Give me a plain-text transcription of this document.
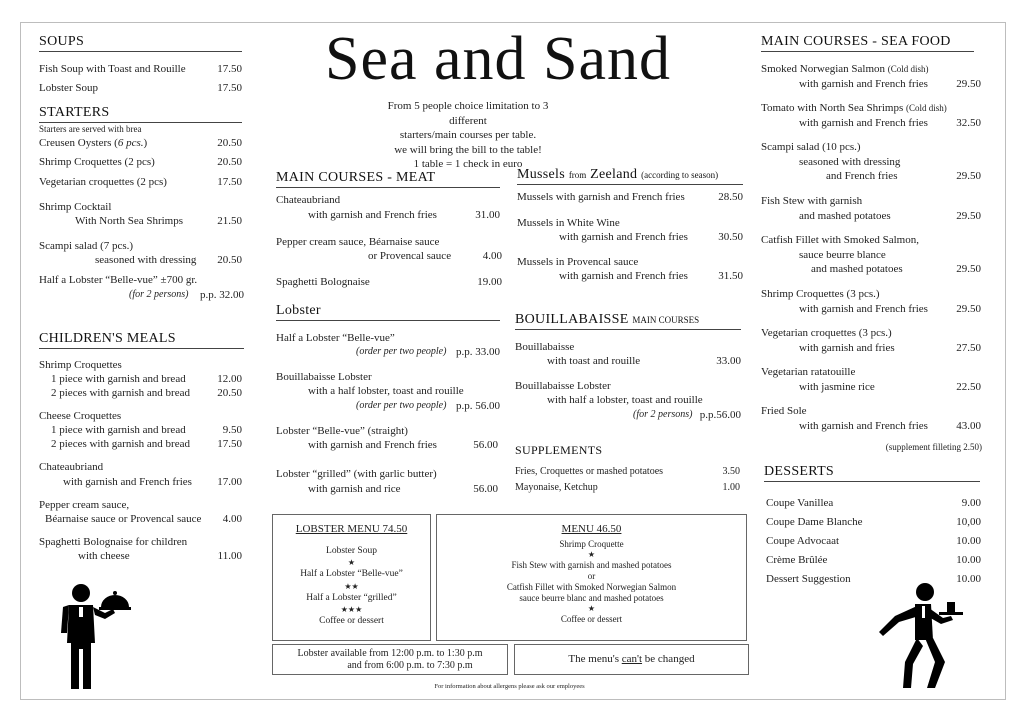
Sea and Sand
From 5 people choice limitation to 3 different
starters/main courses per table.
we will bring the bill to the table!
1 table = 1 check in euro
SOUPS
Fish Soup with Toast and Rouille	17.50
Lobster Soup	17.50
STARTERS
Starters are served with brea
Creusen Oysters (6 pcs.)	20.50
Shrimp Croquettes (2 pcs)	20.50
Vegetarian croquettes (2 pcs)	17.50
Shrimp Cocktail
With North Sea Shrimps	21.50
Scampi salad (7 pcs.)
seasoned with dressing 20.50
Half a Lobster “Belle-vue” ±700 gr.
(for 2 persons) p.p. 32.00
CHILDREN'S MEALS
Shrimp Croquettes
1 piece with garnish and bread	12.00
2 pieces with garnish and bread 20.50
Cheese Croquettes
1 piece with garnish and bread	9.50
2 pieces with garnish and bread 17.50
Chateaubriand
with garnish and French fries 17.00
Pepper cream sauce,
Béarnaise sauce or Provencal sauce 4.00
Spaghetti Bolognaise for children
with cheese	11.00
MAIN COURSES - MEAT
Chateaubriand
with garnish and French fries	31.00
Pepper cream sauce, Béarnaise sauce
or Provencal sauce	4.00
Spaghetti Bolognaise	19.00
Lobster
Half a Lobster “Belle-vue”
(order per two people) p.p. 33.00
Bouillabaisse Lobster
with a half lobster, toast and rouille
(order per two people) p.p. 56.00
Lobster “Belle-vue” (straight)
with garnish and French fries	56.00
Lobster “grilled” (with garlic butter)
with garnish and rice	56.00
Mussels from Zeeland (according to season)
Mussels with garnish and French fries	28.50
Mussels in White Wine
with garnish and French fries	30.50
Mussels in Provencal sauce
with garnish and French fries	31.50
BOUILLABAISSE MAIN COURSES
Bouillabaisse
with toast and rouille	33.00
Bouillabaisse Lobster
with half a lobster, toast and rouille
(for 2 persons) p.p.56.00
SUPPLEMENTS
Fries, Croquettes or mashed potatoes	3.50
Mayonaise, Ketchup	1.00
LOBSTER MENU 74.50
Lobster Soup
★
Half a Lobster “Belle-vue”
★★
Half a Lobster “grilled”
★★★
Coffee or dessert
MENU 46.50
Shrimp Croquette
★
Fish Stew with garnish and mashed potatoes
or
Catfish Fillet with Smoked Norwegian Salmon
sauce beurre blanc and mashed potatoes
★
Coffee or dessert
Lobster available from 12:00 p.m. to 1:30 p.m
and from 6:00 p.m. to 7:30 p.m
The menu's can't be changed
For information about allergens please ask our employees
MAIN COURSES - SEA FOOD
Smoked Norwegian Salmon (Cold dish)
with garnish and French fries	29.50
Tomato with North Sea Shrimps (Cold dish)
with garnish and French fries	32.50
Scampi salad (10 pcs.)
seasoned with dressing
and French fries	29.50
Fish Stew with garnish
and mashed potatoes	29.50
Catfish Fillet with Smoked Salmon,
sauce beurre blance
and mashed potatoes	29.50
Shrimp Croquettes (3 pcs.)
with garnish and French fries	29.50
Vegetarian croquettes (3 pcs.)
with garnish and fries	27.50
Vegetarian ratatouille
with jasmine rice	22.50
Fried Sole
with garnish and French fries	43.00
(supplement filleting 2.50)
DESSERTS
Coupe Vanillea	9.00
Coupe Dame Blanche	10,00
Coupe Advocaat	10.00
Crème Brûlée	10.00
Dessert Suggestion	10.00
